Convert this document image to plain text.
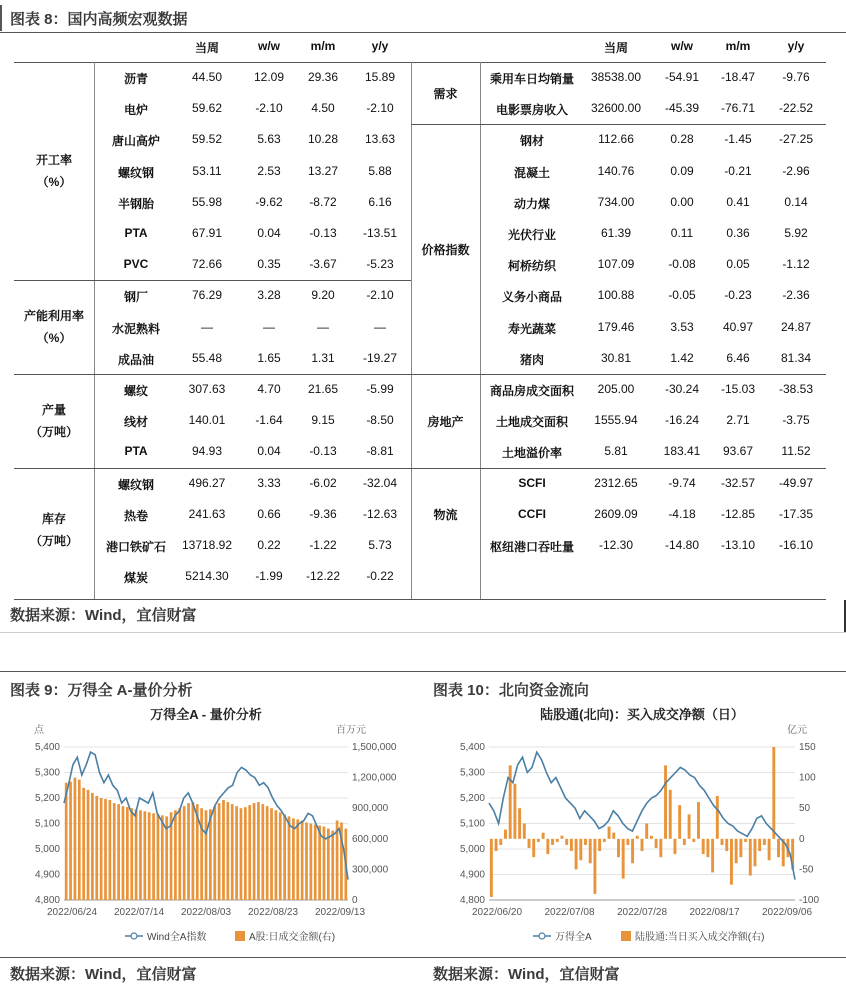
图表 8：国内高频宏观数据
数据来源：Wind，宜信财富
图表 9：万得全 A-量价分析	图表 10：北向资金流向
万得全A - 量价分析
点	百万元
5,400
5,300
5,200
5,100
5,000
4,900
4,800
1,500,000
1,200,000
900,000
600,000
300,000
0
2022/06/24 2022/07/14 2022/08/03 2022/08/23 2022/09/13
Wind全A指数	A股:日成交金额(右)
陆股通(北向)：买入成交净额（日）
亿元
5,400
5,300
5,200
5,100
5,000
4,900
4,800
150
100
50
0
-50
-100
2022/06/20 2022/07/08 2022/07/28 2022/08/17 2022/09/06
万得全A	陆股通:当日买入成交净额(右)
数据来源：Wind，宜信财富	数据来源：Wind，宜信财富
当周	w/w	m/m	y/y	当周	w/w	m/m	y/y
开工率
（%）
沥青	44.50	12.09	29.36	15.89
电炉	59.62	-2.10	4.50	-2.10
唐山高炉	59.52	5.63	10.28	13.63
螺纹钢	53.11	2.53	13.27	5.88
半钢胎	55.98	-9.62	-8.72	6.16
PTA	67.91	0.04	-0.13	-13.51
PVC	72.66	0.35	-3.67	-5.23
产能利用率
（%）
钢厂	76.29	3.28	9.20	-2.10
水泥熟料	—	—	—	—
成品油	55.48	1.65	1.31	-19.27
产量
（万吨）
螺纹	307.63	4.70	21.65	-5.99
线材	140.01	-1.64	9.15	-8.50
PTA	94.93	0.04	-0.13	-8.81
库存
（万吨）
螺纹钢	496.27	3.33	-6.02	-32.04
热卷	241.63	0.66	-9.36	-12.63
港口铁矿石	13718.92	0.22	-1.22	5.73
煤炭	5214.30	-1.99	-12.22	-0.22
需求
乘用车日均销量	38538.00	-54.91	-18.47	-9.76
电影票房收入	32600.00	-45.39	-76.71	-22.52
价格指数
钢材	112.66	0.28	-1.45	-27.25
混凝土	140.76	0.09	-0.21	-2.96
动力煤	734.00	0.00	0.41	0.14
光伏行业	61.39	0.11	0.36	5.92
柯桥纺织	107.09	-0.08	0.05	-1.12
义务小商品	100.88	-0.05	-0.23	-2.36
寿光蔬菜	179.46	3.53	40.97	24.87
猪肉	30.81	1.42	6.46	81.34
房地产
商品房成交面积	205.00	-30.24	-15.03	-38.53
土地成交面积	1555.94	-16.24	2.71	-3.75
土地溢价率	5.81	183.41	93.67	11.52
物流
SCFI	2312.65	-9.74	-32.57	-49.97
CCFI	2609.09	-4.18	-12.85	-17.35
枢纽港口吞吐量	-12.30	-14.80	-13.10	-16.10
